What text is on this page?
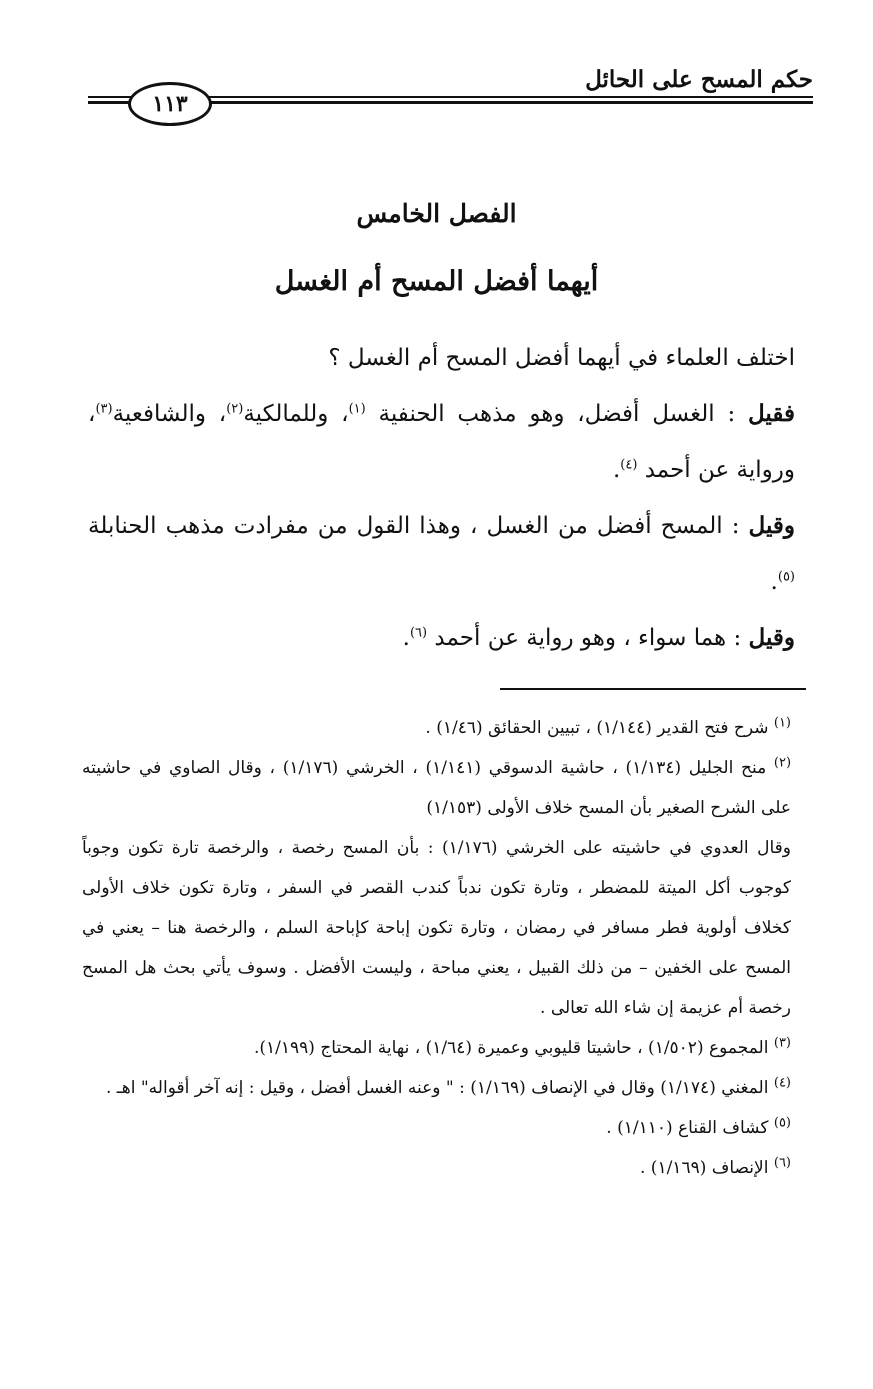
حكم المسح على الحائل
١١٣
الفصل الخامس
أيهما أفضل المسح أم الغسل

اختلف العلماء في أيهما أفضل المسح أم الغسل ؟

فقيل : الغسل أفضل، وهو مذهب الحنفية $^{(١)}$، وللمالكية$^{(٢)}$، والشافعية$^{(٣)}$، ورواية عن أحمد $^{(٤)}$.

وقيل : المسح أفضل من الغسل ، وهذا القول من مفرادت مذهب الحنابلة $^{(٥)}$.

وقيل : هما سواء ، وهو رواية عن أحمد $^{(٦)}$.

$^{(١)}$ شرح فتح القدير (١/١٤٤) ، تبيين الحقائق (١/٤٦) .

$^{(٢)}$ منح الجليل (١/١٣٤) ، حاشية الدسوقي (١/١٤١) ، الخرشي (١/١٧٦) ، وقال الصاوي في حاشيته على الشرح الصغير بأن المسح خلاف الأولى (١/١٥٣)

وقال العدوي في حاشيته على الخرشي (١/١٧٦) : بأن المسح رخصة ، والرخصة تارة تكون وجوباً كوجوب أكل الميتة للمضطر ، وتارة تكون ندباً كندب القصر في السفر ، وتارة تكون خلاف الأولى كخلاف أولوية فطر مسافر في رمضان ، وتارة تكون إباحة كإباحة السلم ، والرخصة هنا – يعني في المسح على الخفين – من ذلك القبيل ، يعني مباحة ، وليست الأفضل . وسوف يأتي بحث هل المسح رخصة أم عزيمة إن شاء الله تعالى .

$^{(٣)}$ المجموع (١/٥٠٢) ، حاشيتا قليوبي وعميرة (١/٦٤) ، نهاية المحتاج (١/١٩٩).

$^{(٤)}$ المغني (١/١٧٤) وقال في الإنصاف (١/١٦٩) : " وعنه الغسل أفضل ، وقيل : إنه آخر أقواله" اهـ .

$^{(٥)}$ كشاف القناع (١/١١٠) .

$^{(٦)}$ الإنصاف (١/١٦٩) .
